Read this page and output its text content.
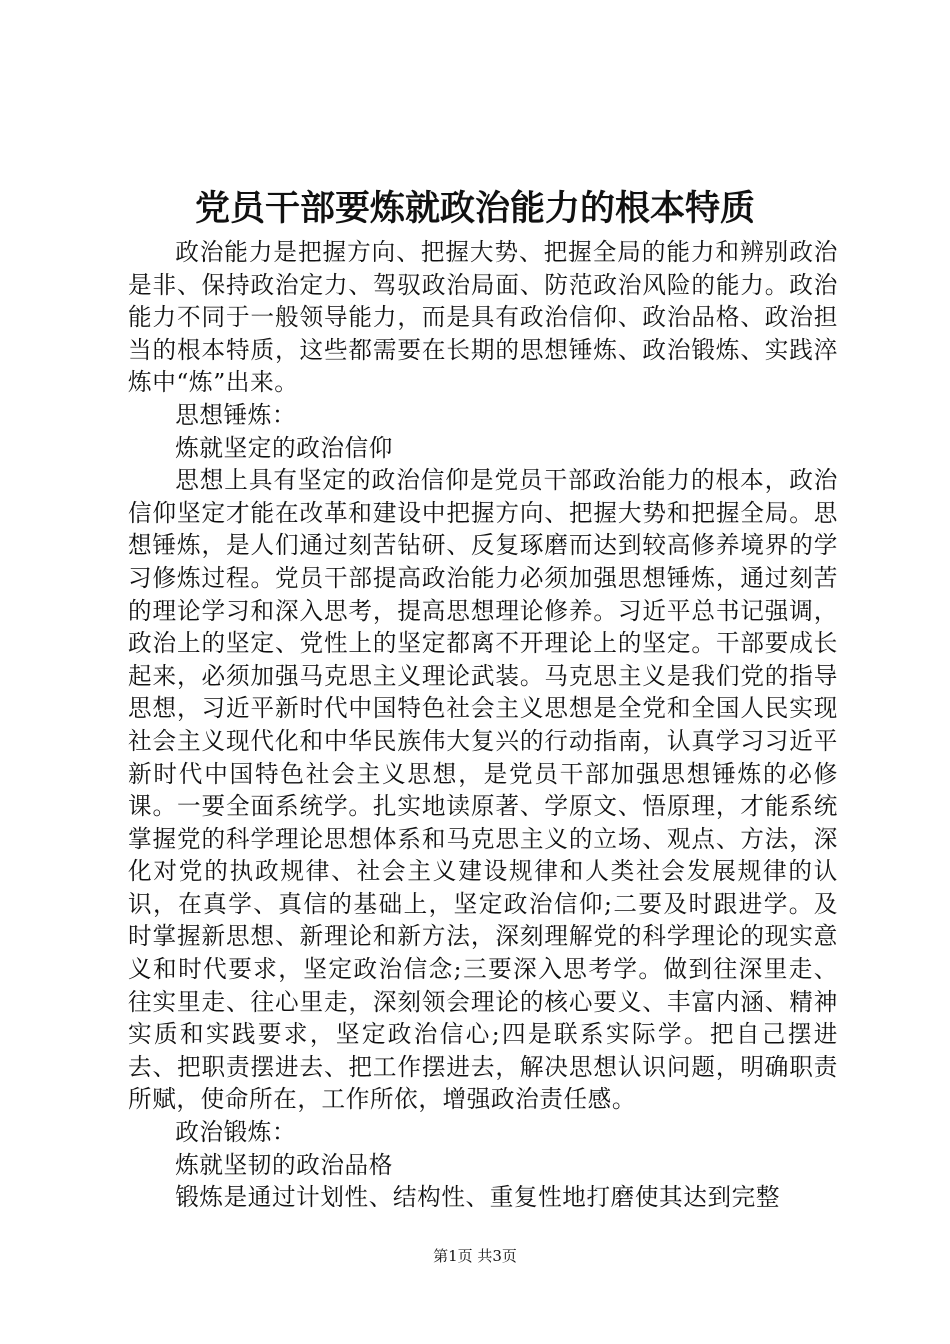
党员干部要炼就政治能力的根本特质

政治能力是把握方向、把握大势、把握全局的能力和辨别政治是非、保持政治定力、驾驭政治局面、防范政治风险的能力。政治能力不同于一般领导能力，而是具有政治信仰、政治品格、政治担当的根本特质，这些都需要在长期的思想锤炼、政治锻炼、实践淬炼中“炼”出来。

思想锤炼：

炼就坚定的政治信仰

思想上具有坚定的政治信仰是党员干部政治能力的根本，政治信仰坚定才能在改革和建设中把握方向、把握大势和把握全局。思想锤炼，是人们通过刻苦钻研、反复琢磨而达到较高修养境界的学习修炼过程。党员干部提高政治能力必须加强思想锤炼，通过刻苦的理论学习和深入思考，提高思想理论修养。习近平总书记强调，政治上的坚定、党性上的坚定都离不开理论上的坚定。干部要成长起来，必须加强马克思主义理论武装。马克思主义是我们党的指导思想，习近平新时代中国特色社会主义思想是全党和全国人民实现社会主义现代化和中华民族伟大复兴的行动指南，认真学习习近平新时代中国特色社会主义思想，是党员干部加强思想锤炼的必修课。一要全面系统学。扎实地读原著、学原文、悟原理，才能系统掌握党的科学理论思想体系和马克思主义的立场、观点、方法，深化对党的执政规律、社会主义建设规律和人类社会发展规律的认识，在真学、真信的基础上，坚定政治信仰;二要及时跟进学。及时掌握新思想、新理论和新方法，深刻理解党的科学理论的现实意义和时代要求，坚定政治信念;三要深入思考学。做到往深里走、往实里走、往心里走，深刻领会理论的核心要义、丰富内涵、精神实质和实践要求，坚定政治信心;四是联系实际学。把自己摆进去、把职责摆进去、把工作摆进去，解决思想认识问题，明确职责所赋，使命所在，工作所依，增强政治责任感。

政治锻炼：

炼就坚韧的政治品格

锻炼是通过计划性、结构性、重复性地打磨使其达到完整

第1页 共3页
